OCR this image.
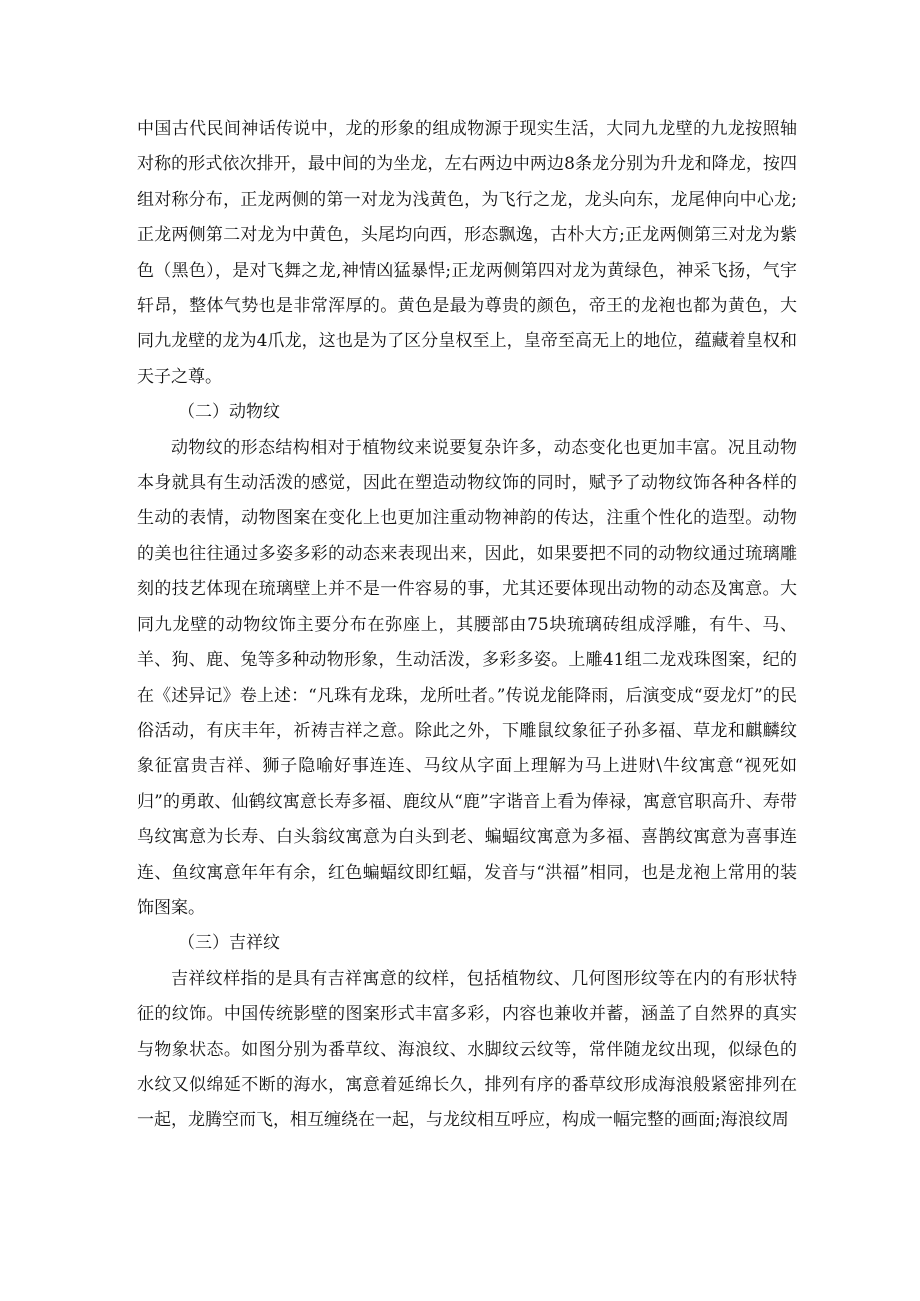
中国古代民间神话传说中，龙的形象的组成物源于现实生活，大同九龙壁的九龙按照轴对称的形式依次排开，最中间的为坐龙，左右两边中两边8条龙分别为升龙和降龙，按四组对称分布，正龙两侧的第一对龙为浅黄色，为飞行之龙，龙头向东，龙尾伸向中心龙;正龙两侧第二对龙为中黄色，头尾均向西，形态飘逸，古朴大方;正龙两侧第三对龙为紫色（黑色），是对飞舞之龙,神情凶猛暴悍;正龙两侧第四对龙为黄绿色，神采飞扬，气宇轩昂，整体气势也是非常浑厚的。黄色是最为尊贵的颜色，帝王的龙袍也都为黄色，大同九龙壁的龙为4爪龙，这也是为了区分皇权至上，皇帝至高无上的地位，蕴藏着皇权和天子之尊。

（二）动物纹

动物纹的形态结构相对于植物纹来说要复杂许多，动态变化也更加丰富。况且动物本身就具有生动活泼的感觉，因此在塑造动物纹饰的同时，赋予了动物纹饰各种各样的生动的表情，动物图案在变化上也更加注重动物神韵的传达，注重个性化的造型。动物的美也往往通过多姿多彩的动态来表现出来，因此，如果要把不同的动物纹通过琉璃雕刻的技艺体现在琉璃壁上并不是一件容易的事，尤其还要体现出动物的动态及寓意。大同九龙壁的动物纹饰主要分布在弥座上，其腰部由75块琉璃砖组成浮雕，有牛、马、羊、狗、鹿、兔等多种动物形象，生动活泼，多彩多姿。上雕41组二龙戏珠图案，纪的在《述异记》卷上述：“凡珠有龙珠，龙所吐者。”传说龙能降雨，后演变成“耍龙灯”的民俗活动，有庆丰年，祈祷吉祥之意。除此之外，下雕鼠纹象征子孙多福、草龙和麒麟纹象征富贵吉祥、狮子隐喻好事连连、马纹从字面上理解为马上进财\牛纹寓意“视死如归”的勇敢、仙鹤纹寓意长寿多福、鹿纹从“鹿”字谐音上看为俸禄，寓意官职高升、寿带鸟纹寓意为长寿、白头翁纹寓意为白头到老、蝙蝠纹寓意为多福、喜鹊纹寓意为喜事连连、鱼纹寓意年年有余，红色蝙蝠纹即红蝠，发音与“洪福”相同，也是龙袍上常用的装饰图案。

（三）吉祥纹

吉祥纹样指的是具有吉祥寓意的纹样，包括植物纹、几何图形纹等在内的有形状特征的纹饰。中国传统影壁的图案形式丰富多彩，内容也兼收并蓄，涵盖了自然界的真实与物象状态。如图分别为番草纹、海浪纹、水脚纹云纹等，常伴随龙纹出现，似绿色的水纹又似绵延不断的海水，寓意着延绵长久，排列有序的番草纹形成海浪般紧密排列在一起，龙腾空而飞，相互缠绕在一起，与龙纹相互呼应，构成一幅完整的画面;海浪纹周
